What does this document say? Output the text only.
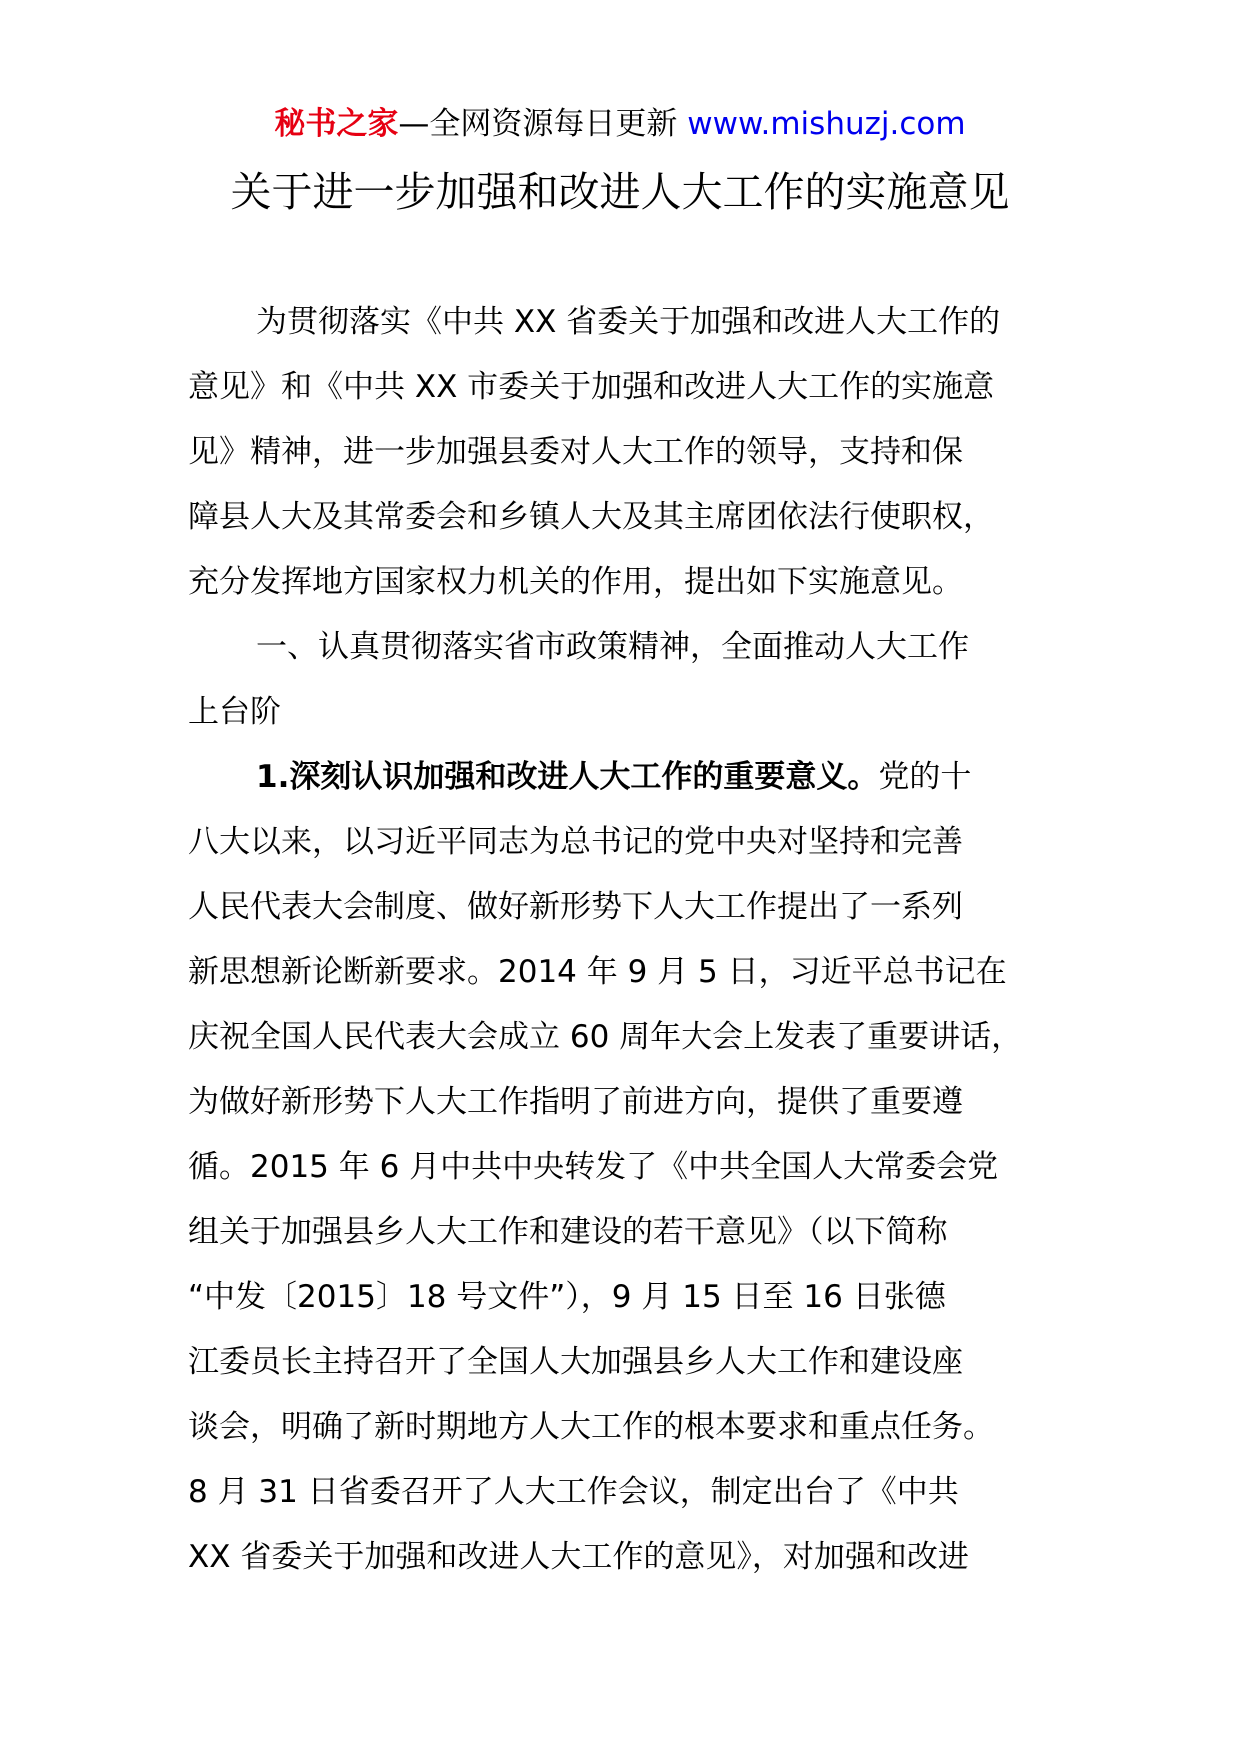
秘书之家—全网资源每日更新 www.mishuzj.com
关于进一步加强和改进人大工作的实施意见
为贯彻落实《中共 XX 省委关于加强和改进人大工作的
意见》和《中共 XX 市委关于加强和改进人大工作的实施意
见》精神，进一步加强县委对人大工作的领导，支持和保
障县人大及其常委会和乡镇人大及其主席团依法行使职权，
充分发挥地方国家权力机关的作用，提出如下实施意见。
一、认真贯彻落实省市政策精神，全面推动人大工作
上台阶
1.深刻认识加强和改进人大工作的重要意义。党的十
八大以来，以习近平同志为总书记的党中央对坚持和完善
人民代表大会制度、做好新形势下人大工作提出了一系列
新思想新论断新要求。2014 年 9 月 5 日，习近平总书记在
庆祝全国人民代表大会成立 60 周年大会上发表了重要讲话，
为做好新形势下人大工作指明了前进方向，提供了重要遵
循。2015 年 6 月中共中央转发了《中共全国人大常委会党
组关于加强县乡人大工作和建设的若干意见》（以下简称
“中发〔2015〕18 号文件”），9 月 15 日至 16 日张德
江委员长主持召开了全国人大加强县乡人大工作和建设座
谈会，明确了新时期地方人大工作的根本要求和重点任务。
8 月 31 日省委召开了人大工作会议，制定出台了《中共
XX 省委关于加强和改进人大工作的意见》，对加强和改进
